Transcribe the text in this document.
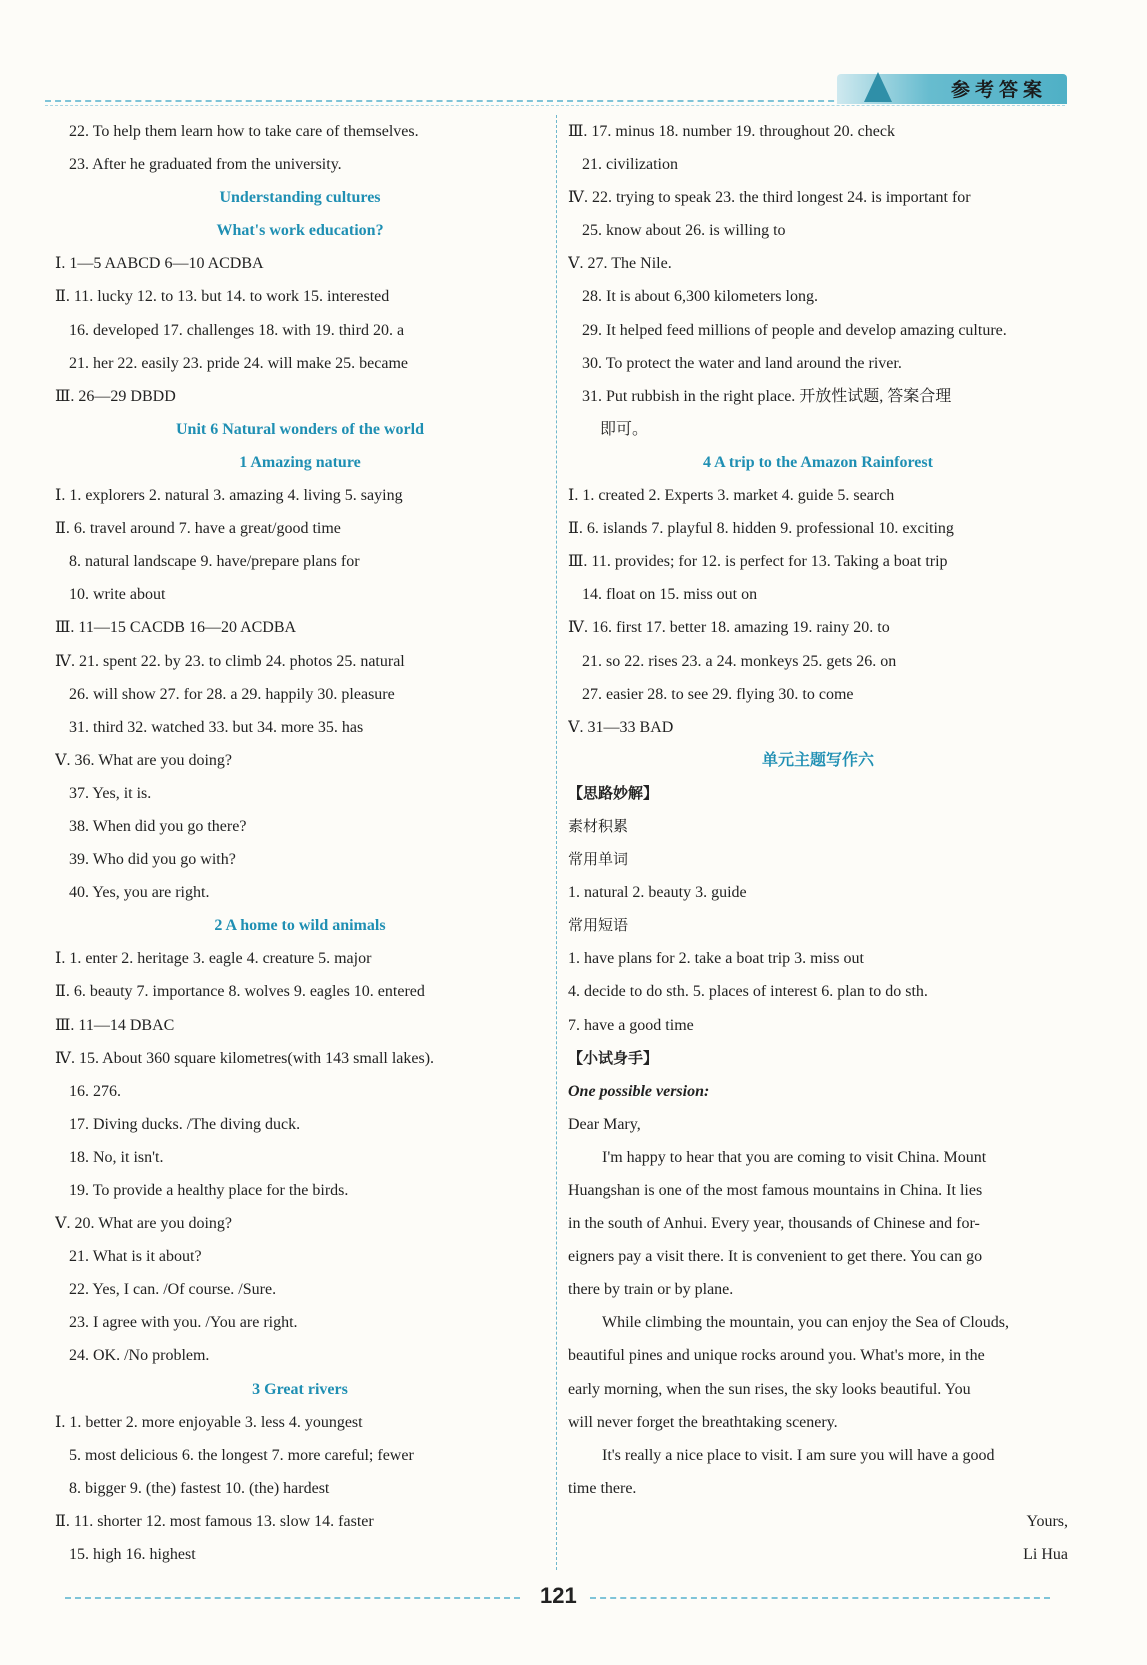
参考答案
22. To help them learn how to take care of themselves.
23. After he graduated from the university.
Understanding cultures
What's work education?
Ⅰ. 1—5 AABCD 6—10 ACDBA
Ⅱ. 11. lucky 12. to 13. but 14. to work 15. interested
16. developed 17. challenges 18. with 19. third 20. a
21. her 22. easily 23. pride 24. will make 25. became
Ⅲ. 26—29 DBDD
Unit 6 Natural wonders of the world
1 Amazing nature
Ⅰ. 1. explorers 2. natural 3. amazing 4. living 5. saying
Ⅱ. 6. travel around 7. have a great/good time
8. natural landscape 9. have/prepare plans for
10. write about
Ⅲ. 11—15 CACDB 16—20 ACDBA
Ⅳ. 21. spent 22. by 23. to climb 24. photos 25. natural
26. will show 27. for 28. a 29. happily 30. pleasure
31. third 32. watched 33. but 34. more 35. has
Ⅴ. 36. What are you doing?
37. Yes, it is.
38. When did you go there?
39. Who did you go with?
40. Yes, you are right.
2 A home to wild animals
Ⅰ. 1. enter 2. heritage 3. eagle 4. creature 5. major
Ⅱ. 6. beauty 7. importance 8. wolves 9. eagles 10. entered
Ⅲ. 11—14 DBAC
Ⅳ. 15. About 360 square kilometres(with 143 small lakes).
16. 276.
17. Diving ducks. /The diving duck.
18. No, it isn't.
19. To provide a healthy place for the birds.
Ⅴ. 20. What are you doing?
21. What is it about?
22. Yes, I can. /Of course. /Sure.
23. I agree with you. /You are right.
24. OK. /No problem.
3 Great rivers
Ⅰ. 1. better 2. more enjoyable 3. less 4. youngest
5. most delicious 6. the longest 7. more careful; fewer
8. bigger 9. (the) fastest 10. (the) hardest
Ⅱ. 11. shorter 12. most famous 13. slow 14. faster
15. high 16. highest
Ⅲ. 17. minus 18. number 19. throughout 20. check
21. civilization
Ⅳ. 22. trying to speak 23. the third longest 24. is important for
25. know about 26. is willing to
Ⅴ. 27. The Nile.
28. It is about 6,300 kilometers long.
29. It helped feed millions of people and develop amazing culture.
30. To protect the water and land around the river.
31. Put rubbish in the right place. 开放性试题, 答案合理
即可。
4 A trip to the Amazon Rainforest
Ⅰ. 1. created 2. Experts 3. market 4. guide 5. search
Ⅱ. 6. islands 7. playful 8. hidden 9. professional 10. exciting
Ⅲ. 11. provides; for 12. is perfect for 13. Taking a boat trip
14. float on 15. miss out on
Ⅳ. 16. first 17. better 18. amazing 19. rainy 20. to
21. so 22. rises 23. a 24. monkeys 25. gets 26. on
27. easier 28. to see 29. flying 30. to come
Ⅴ. 31—33 BAD
单元主题写作六
【思路妙解】
素材积累
常用单词
1. natural 2. beauty 3. guide
常用短语
1. have plans for 2. take a boat trip 3. miss out
4. decide to do sth. 5. places of interest 6. plan to do sth.
7. have a good time
【小试身手】
One possible version:
Dear Mary,
I'm happy to hear that you are coming to visit China. Mount
Huangshan is one of the most famous mountains in China. It lies
in the south of Anhui. Every year, thousands of Chinese and for-
eigners pay a visit there. It is convenient to get there. You can go
there by train or by plane.
While climbing the mountain, you can enjoy the Sea of Clouds,
beautiful pines and unique rocks around you. What's more, in the
early morning, when the sun rises, the sky looks beautiful. You
will never forget the breathtaking scenery.
It's really a nice place to visit. I am sure you will have a good
time there.
Yours,
Li Hua
121
